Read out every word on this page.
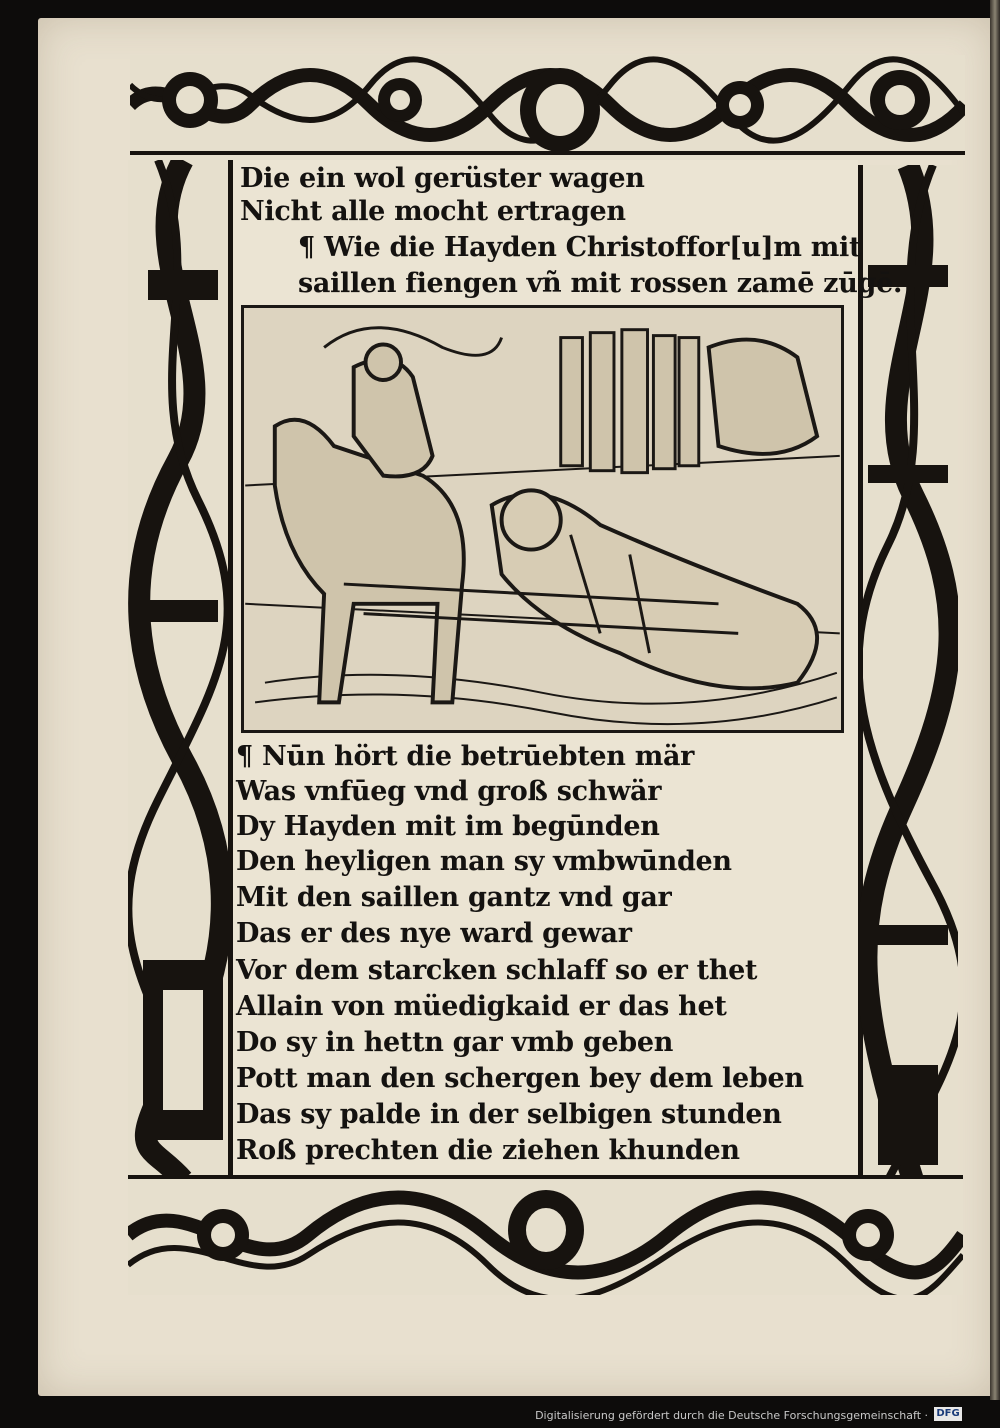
Die ein wol gerüster wagen
Nicht alle mocht ertragen
¶ Wie die Hayden Christoffor[u]m mit
saillen fiengen vñ mit rossen zamē zūgē.
¶ Nūn hört die betrūebten mär
Was vnfūeg vnd groß schwär
Dy Hayden mit im begūnden
Den heyligen man sy vmbwūnden
Mit den saillen gantz vnd gar
Das er des nye ward gewar
Vor dem starcken schlaff so er thet
Allain von müedigkaid er das het
Do sy in hettn gar vmb geben
Pott man den schergen bey dem leben
Das sy palde in der selbigen stunden
Roß prechten die ziehen khunden
Digitalisierung gefördert durch die Deutsche Forschungsgemeinschaft · DFG
